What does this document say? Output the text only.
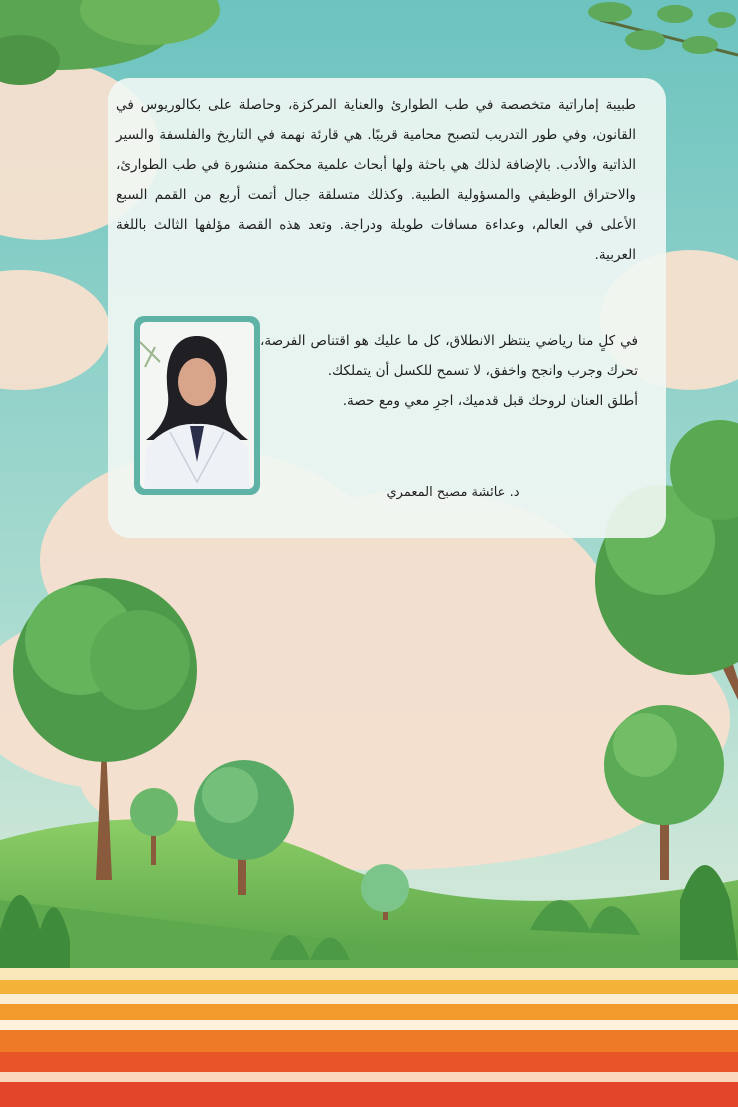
طبيبة إماراتية متخصصة في طب الطوارئ والعناية المركزة، وحاصلة على بكالوريوس في القانون، وفي طور التدريب لتصبح محامية قريبًا. هي قارئة نهمة في التاريخ والفلسفة والسير الذاتية والأدب. بالإضافة لذلك هي باحثة ولها أبحاث علمية محكمة منشورة في طب الطوارئ، والاحتراق الوظيفي والمسؤولية الطبية. وكذلك متسلقة جبال أتمت أربع من القمم السبع الأعلى في العالم، وعداءة مسافات طويلة ودراجة. وتعد هذه القصة مؤلفها الثالث باللغة العربية.

في كلٍ منا رياضي ينتظر الانطلاق، كل ما عليك هو اقتناص الفرصة، تحرك وجرب وانجح واخفق، لا تسمح للكسل أن يتملكك.

أطلق العنان لروحك قبل قدميك، اجرِ معي ومع حصة.

د. عائشة مصبح المعمري
